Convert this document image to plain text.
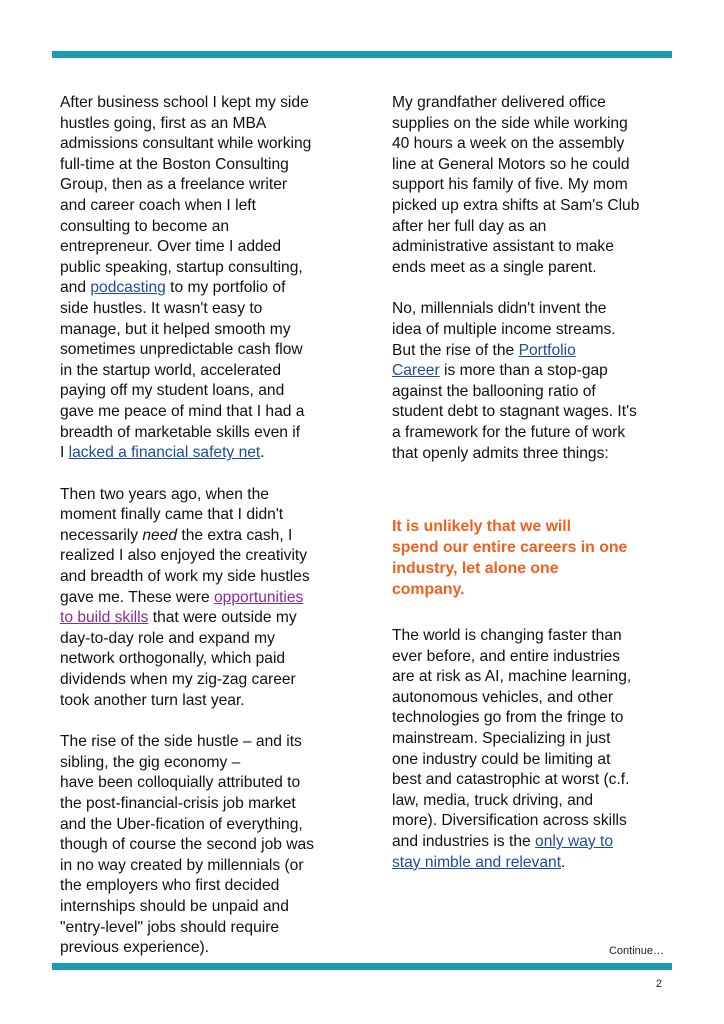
After business school I kept my side
hustles going, first as an MBA
admissions consultant while working
full-time at the Boston Consulting
Group, then as a freelance writer
and career coach when I left
consulting to become an
entrepreneur. Over time I added
public speaking, startup consulting,
and podcasting to my portfolio of
side hustles. It wasn't easy to
manage, but it helped smooth my
sometimes unpredictable cash flow
in the startup world, accelerated
paying off my student loans, and
gave me peace of mind that I had a
breadth of marketable skills even if
I lacked a financial safety net.

Then two years ago, when the
moment finally came that I didn't
necessarily need the extra cash, I
realized I also enjoyed the creativity
and breadth of work my side hustles
gave me. These were opportunities
to build skills that were outside my
day-to-day role and expand my
network orthogonally, which paid
dividends when my zig-zag career
took another turn last year.

The rise of the side hustle – and its
sibling, the gig economy –
have been colloquially attributed to
the post-financial-crisis job market
and the Uber-fication of everything,
though of course the second job was
in no way created by millennials (or
the employers who first decided
internships should be unpaid and
"entry-level" jobs should require
previous experience).

My grandfather delivered office
supplies on the side while working
40 hours a week on the assembly
line at General Motors so he could
support his family of five. My mom
picked up extra shifts at Sam's Club
after her full day as an
administrative assistant to make
ends meet as a single parent.

No, millennials didn't invent the
idea of multiple income streams.
But the rise of the Portfolio
Career is more than a stop-gap
against the ballooning ratio of
student debt to stagnant wages. It's
a framework for the future of work
that openly admits three things:

It is unlikely that we will
spend our entire careers in one
industry, let alone one
company.

The world is changing faster than
ever before, and entire industries
are at risk as AI, machine learning,
autonomous vehicles, and other
technologies go from the fringe to
mainstream. Specializing in just
one industry could be limiting at
best and catastrophic at worst (c.f.
law, media, truck driving, and
more). Diversification across skills
and industries is the only way to
stay nimble and relevant.

Continue…
2
